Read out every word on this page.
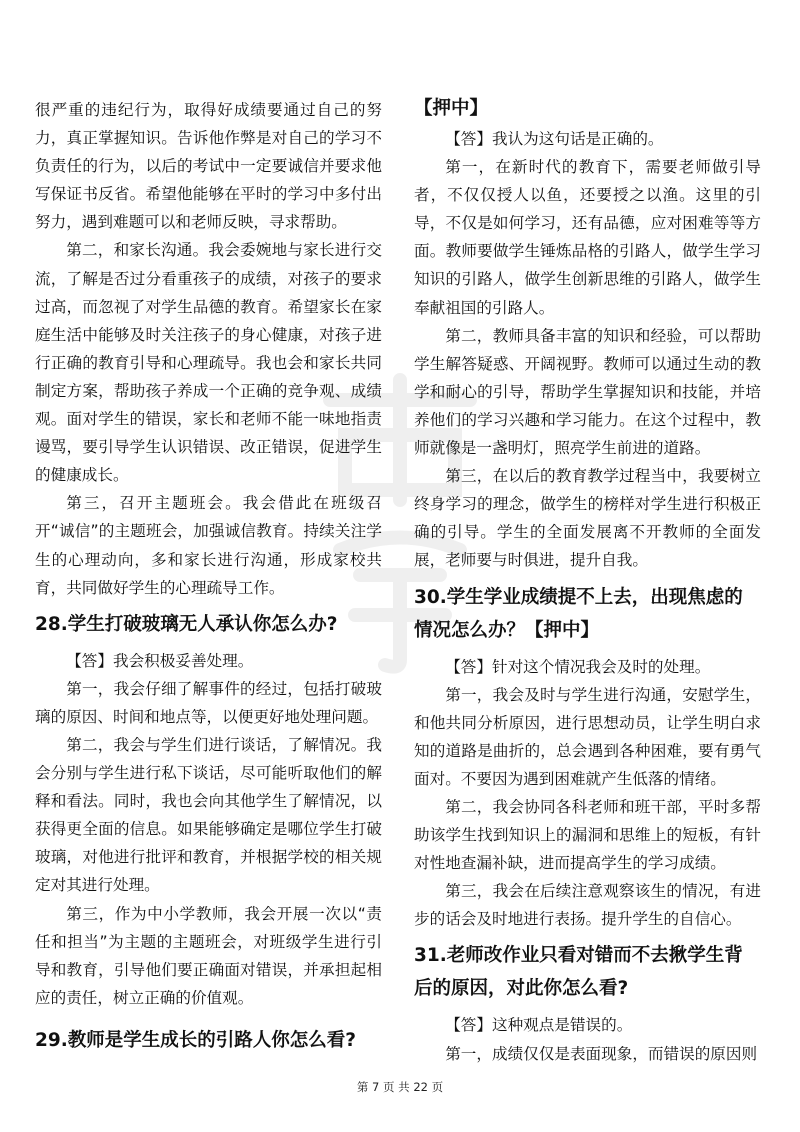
很严重的违纪行为，取得好成绩要通过自己的努力，真正掌握知识。告诉他作弊是对自己的学习不负责任的行为，以后的考试中一定要诚信并要求他写保证书反省。希望他能够在平时的学习中多付出努力，遇到难题可以和老师反映，寻求帮助。

第二，和家长沟通。我会委婉地与家长进行交流，了解是否过分看重孩子的成绩，对孩子的要求过高，而忽视了对学生品德的教育。希望家长在家庭生活中能够及时关注孩子的身心健康，对孩子进行正确的教育引导和心理疏导。我也会和家长共同制定方案，帮助孩子养成一个正确的竞争观、成绩观。面对学生的错误，家长和老师不能一味地指责谩骂，要引导学生认识错误、改正错误，促进学生的健康成长。

第三，召开主题班会。我会借此在班级召开“诚信”的主题班会，加强诚信教育。持续关注学生的心理动向，多和家长进行沟通，形成家校共育，共同做好学生的心理疏导工作。

28.学生打破玻璃无人承认你怎么办?

【答】我会积极妥善处理。

第一，我会仔细了解事件的经过，包括打破玻璃的原因、时间和地点等，以便更好地处理问题。

第二，我会与学生们进行谈话，了解情况。我会分别与学生进行私下谈话，尽可能听取他们的解释和看法。同时，我也会向其他学生了解情况，以获得更全面的信息。如果能够确定是哪位学生打破玻璃，对他进行批评和教育，并根据学校的相关规定对其进行处理。

第三，作为中小学教师，我会开展一次以“责任和担当”为主题的主题班会，对班级学生进行引导和教育，引导他们要正确面对错误，并承担起相应的责任，树立正确的价值观。

29.教师是学生成长的引路人你怎么看?
【押中】

【答】我认为这句话是正确的。

第一，在新时代的教育下，需要老师做引导者，不仅仅授人以鱼，还要授之以渔。这里的引导，不仅是如何学习，还有品德，应对困难等等方面。教师要做学生锤炼品格的引路人，做学生学习知识的引路人，做学生创新思维的引路人，做学生奉献祖国的引路人。

第二，教师具备丰富的知识和经验，可以帮助学生解答疑惑、开阔视野。教师可以通过生动的教学和耐心的引导，帮助学生掌握知识和技能，并培养他们的学习兴趣和学习能力。在这个过程中，教师就像是一盏明灯，照亮学生前进的道路。

第三，在以后的教育教学过程当中，我要树立终身学习的理念，做学生的榜样对学生进行积极正确的引导。学生的全面发展离不开教师的全面发展，老师要与时俱进，提升自我。

30.学生学业成绩提不上去，出现焦虑的情况怎么办？【押中】

【答】针对这个情况我会及时的处理。

第一，我会及时与学生进行沟通，安慰学生，和他共同分析原因，进行思想动员，让学生明白求知的道路是曲折的，总会遇到各种困难，要有勇气面对。不要因为遇到困难就产生低落的情绪。

第二，我会协同各科老师和班干部，平时多帮助该学生找到知识上的漏洞和思维上的短板，有针对性地查漏补缺，进而提高学生的学习成绩。

第三，我会在后续注意观察该生的情况，有进步的话会及时地进行表扬。提升学生的自信心。

31.老师改作业只看对错而不去揪学生背后的原因，对此你怎么看?

【答】这种观点是错误的。

第一，成绩仅仅是表面现象，而错误的原因则

第 7 页 共 22 页
